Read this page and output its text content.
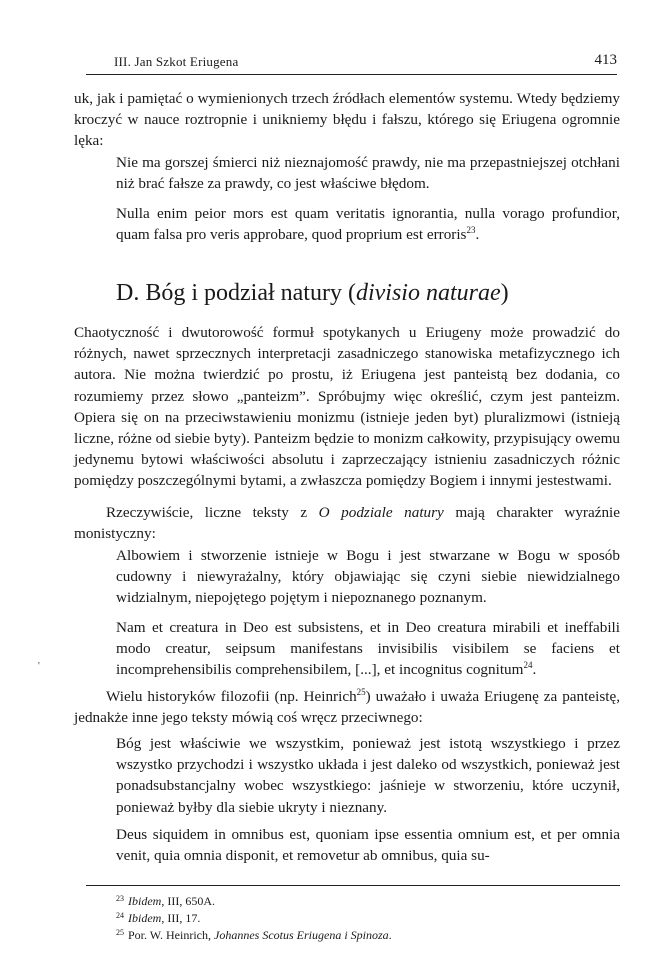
III. Jan Szkot Eriugena	413

uk, jak i pamiętać o wymienionych trzech źródłach elementów systemu. Wtedy będziemy kroczyć w nauce roztropnie i unikniemy błędu i fałszu, którego się Eriugena ogromnie lęka:

Nie ma gorszej śmierci niż nieznajomość prawdy, nie ma przepastniejszej otchłani niż brać fałsze za prawdy, co jest właściwe błędom.

Nulla enim peior mors est quam veritatis ignorantia, nulla vorago profundior, quam falsa pro veris approbare, quod proprium est erroris$^{23}$.

D. Bóg i podział natury (divisio naturae)

Chaotyczność i dwutorowość formuł spotykanych u Eriugeny może prowadzić do różnych, nawet sprzecznych interpretacji zasadniczego stanowiska metafizycznego ich autora. Nie można twierdzić po prostu, iż Eriugena jest panteistą bez dodania, co rozumiemy przez słowo „panteizm”. Spróbujmy więc określić, czym jest panteizm. Opiera się on na przeciwstawieniu monizmu (istnieje jeden byt) pluralizmowi (istnieją liczne, różne od siebie byty). Panteizm będzie to monizm całkowity, przypisujący owemu jedynemu bytowi właściwości absolutu i zaprzeczający istnieniu zasadniczych różnic pomiędzy poszczególnymi bytami, a zwłaszcza pomiędzy Bogiem i innymi jestestwami.

Rzeczywiście, liczne teksty z O podziale natury mają charakter wyraźnie monistyczny:

Albowiem i stworzenie istnieje w Bogu i jest stwarzane w Bogu w sposób cudowny i niewyrażalny, który objawiając się czyni siebie niewidzialnego widzialnym, niepojętego pojętym i niepoznanego poznanym.

Nam et creatura in Deo est subsistens, et in Deo creatura mirabili et ineffabili modo creatur, seipsum manifestans invisibilis visibilem se faciens et incomprehensibilis comprehensibilem, [...], et incognitus cognitum$^{24}$.

Wielu historyków filozofii (np. Heinrich$^{25}$) uważało i uważa Eriugenę za panteistę, jednakże inne jego teksty mówią coś wręcz przeciwnego:

Bóg jest właściwie we wszystkim, ponieważ jest istotą wszystkiego i przez wszystko przychodzi i wszystko układa i jest daleko od wszystkich, ponieważ jest ponadsubstancjalny wobec wszystkiego: jaśnieje w stworzeniu, które uczynił, ponieważ byłby dla siebie ukryty i nieznany.

Deus siquidem in omnibus est, quoniam ipse essentia omnium est, et per omnia venit, quia omnia disponit, et removetur ab omnibus, quia su-

$^{23}$ Ibidem, III, 650A.

$^{24}$ Ibidem, III, 17.

$^{25}$ Por. W. Heinrich, Johannes Scotus Eriugena i Spinoza.

'
